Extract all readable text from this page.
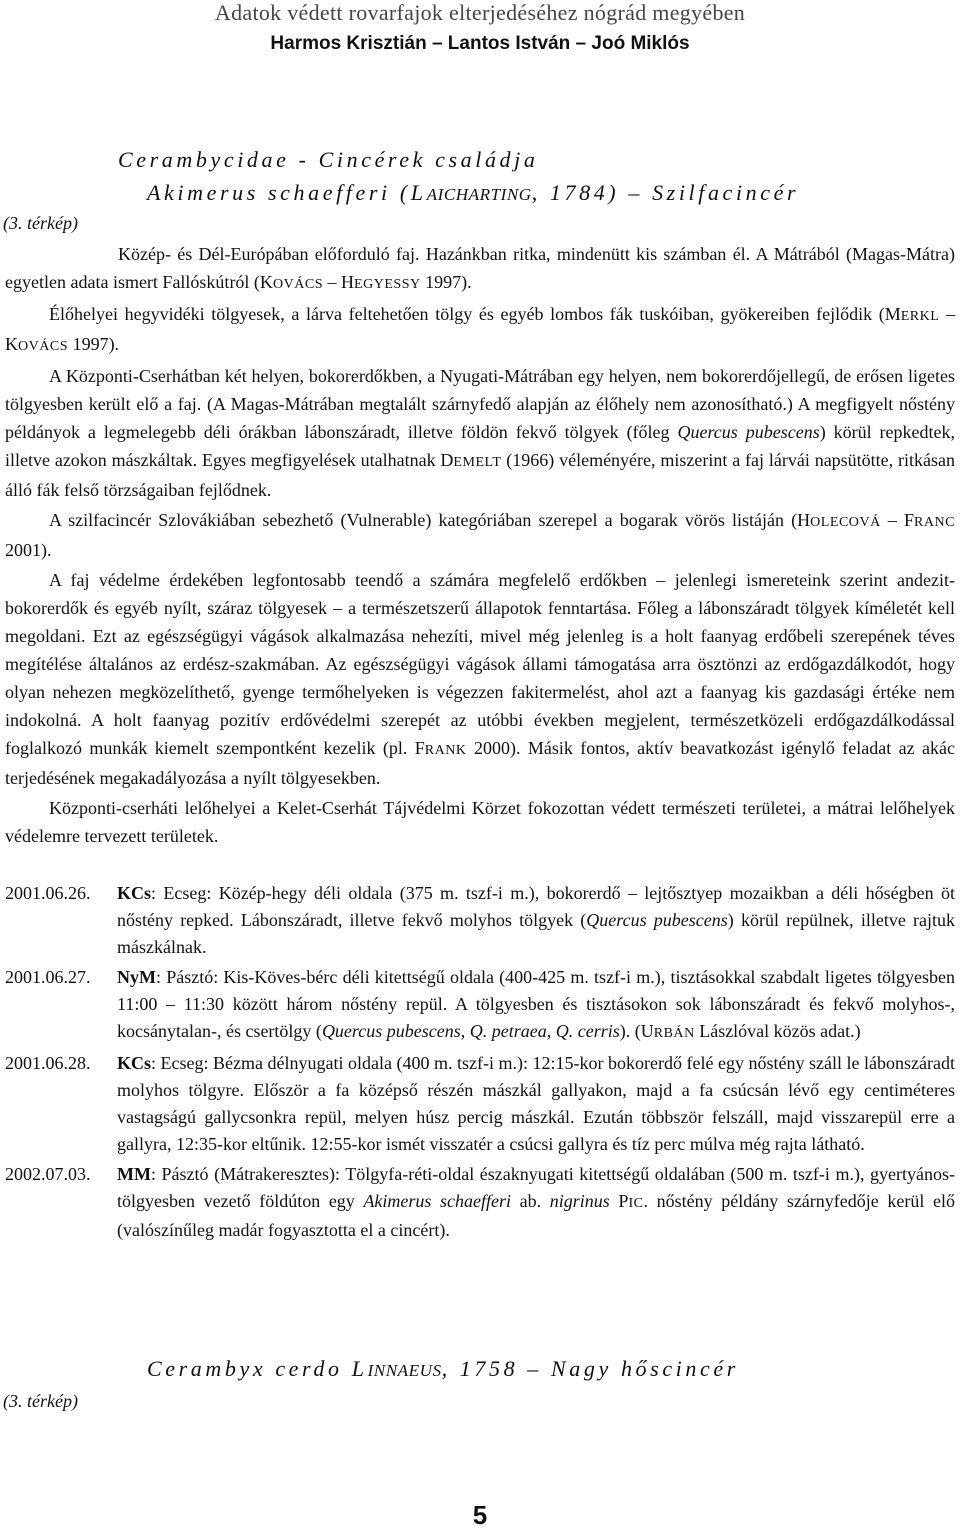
Adatok védett rovarfajok elterjedéséhez nógrád megyében
Harmos Krisztián – Lantos István – Joó Miklós
Cerambycidae - Cincérek családja
Akimerus schaefferi (LAICHARTING, 1784) – Szilfacincér
(3. térkép)

Közép- és Dél-Európában előforduló faj. Hazánkban ritka, mindenütt kis számban él. A Mátrából (Magas-Mátra) egyetlen adata ismert Fallóskútról (KOVÁCS – HEGYESSY 1997).

Élőhelyei hegyvidéki tölgyesek, a lárva feltehetően tölgy és egyéb lombos fák tuskóiban, gyökereiben fejlődik (MERKL – KOVÁCS 1997).

A Központi-Cserhátban két helyen, bokorerdőkben, a Nyugati-Mátrában egy helyen, nem bokorerdőjellegű, de erősen ligetes tölgyesben került elő a faj. (A Magas-Mátrában megtalált szárnyfedő alapján az élőhely nem azonosítható.) A megfigyelt nőstény példányok a legmelegebb déli órákban lábonszáradt, illetve földön fekvő tölgyek (főleg Quercus pubescens) körül repkedtek, illetve azokon mászkáltak. Egyes megfigyelések utalhatnak DEMELT (1966) véleményére, miszerint a faj lárvái napsütötte, ritkásan álló fák felső törzságaiban fejlődnek.

A szilfacincér Szlovákiában sebezhető (Vulnerable) kategóriában szerepel a bogarak vörös listáján (HOLECOVÁ – FRANC 2001).

A faj védelme érdekében legfontosabb teendő a számára megfelelő erdőkben – jelenlegi ismereteink szerint andezit-bokorerdők és egyéb nyílt, száraz tölgyesek – a természetszerű állapotok fenntartása. Főleg a lábonszáradt tölgyek kíméletét kell megoldani. Ezt az egészségügyi vágások alkalmazása nehezíti, mivel még jelenleg is a holt faanyag erdőbeli szerepének téves megítélése általános az erdész-szakmában. Az egészségügyi vágások állami támogatása arra ösztönzi az erdőgazdálkodót, hogy olyan nehezen megközelíthető, gyenge termőhelyeken is végezzen fakitermelést, ahol azt a faanyag kis gazdasági értéke nem indokolná. A holt faanyag pozitív erdővédelmi szerepét az utóbbi években megjelent, természetközeli erdőgazdálkodással foglalkozó munkák kiemelt szempontként kezelik (pl. FRANK 2000). Másik fontos, aktív beavatkozást igénylő feladat az akác terjedésének megakadályozása a nyílt tölgyesekben.

Központi-cserháti lelőhelyei a Kelet-Cserhát Tájvédelmi Körzet fokozottan védett természeti területei, a mátrai lelőhelyek védelemre tervezett területek.

2001.06.26.	KCs: Ecseg: Közép-hegy déli oldala (375 m. tszf-i m.), bokorerdő – lejtősztyep mozaikban a déli hőségben öt nőstény repked. Lábonszáradt, illetve fekvő molyhos tölgyek (Quercus pubescens) körül repülnek, illetve rajtuk mászkálnak.
2001.06.27.	NyM: Pásztó: Kis-Köves-bérc déli kitettségű oldala (400-425 m. tszf-i m.), tisztásokkal szabdalt ligetes tölgyesben 11:00 – 11:30 között három nőstény repül. A tölgyesben és tisztásokon sok lábonszáradt és fekvő molyhos-, kocsánytalan-, és csertölgy (Quercus pubescens, Q. petraea, Q. cerris). (URBÁN Lászlóval közös adat.)
2001.06.28.	KCs: Ecseg: Bézma délnyugati oldala (400 m. tszf-i m.): 12:15-kor bokorerdő felé egy nőstény száll le lábonszáradt molyhos tölgyre. Először a fa középső részén mászkál gallyakon, majd a fa csúcsán lévő egy centiméteres vastagságú gallycsonkra repül, melyen húsz percig mászkál. Ezután többször felszáll, majd visszarepül erre a gallyra, 12:35-kor eltűnik. 12:55-kor ismét visszatér a csúcsi gallyra és tíz perc múlva még rajta látható.
2002.07.03.	MM: Pásztó (Mátrakeresztes): Tölgyfa-réti-oldal északnyugati kitettségű oldalában (500 m. tszf-i m.), gyertyános-tölgyesben vezető földúton egy Akimerus schaefferi ab. nigrinus PIC. nőstény példány szárnyfedője kerül elő (valószínűleg madár fogyasztotta el a cincért).
Cerambyx cerdo LINNAEUS, 1758 – Nagy hőscincér
(3. térkép)
5
